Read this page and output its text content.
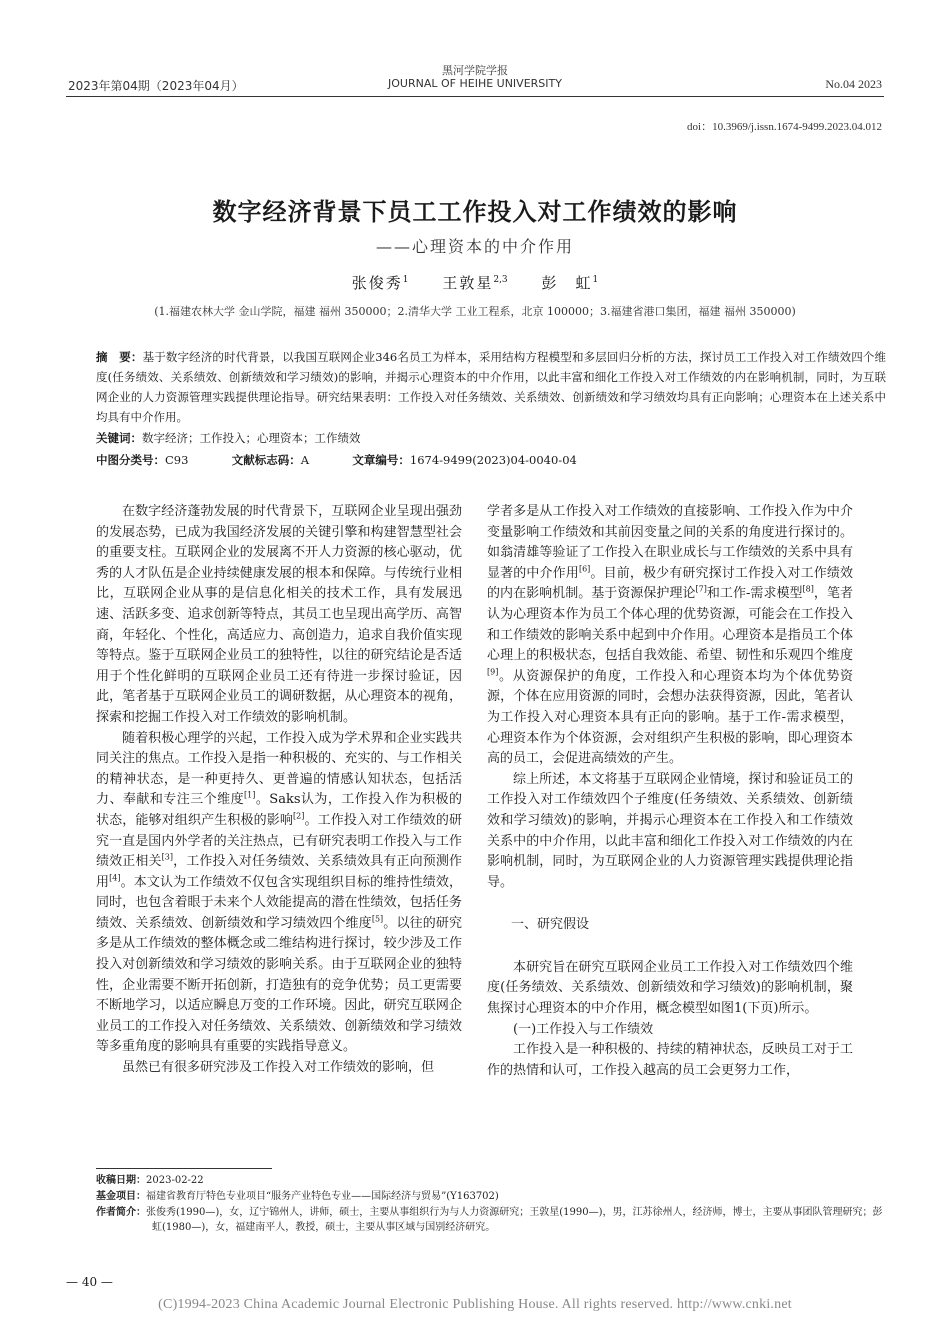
2023年第04期（2023年04月）
黑河学院学报
JOURNAL OF HEIHE UNIVERSITY	No.04 2023
doi：10.3969/j.issn.1674-9499.2023.04.012
数字经济背景下员工工作投入对工作绩效的影响
——心理资本的中介作用
张俊秀$^1$ 王敦星$^{2,3}$ 彭　虹$^1$
(1.福建农林大学 金山学院，福建 福州 350000；2.清华大学 工业工程系，北京 100000；3.福建省港口集团，福建 福州 350000)
摘　要：基于数字经济的时代背景，以我国互联网企业346名员工为样本，采用结构方程模型和多层回归分析的方法，探讨员工工作投入对工作绩效四个维度(任务绩效、关系绩效、创新绩效和学习绩效)的影响，并揭示心理资本的中介作用，以此丰富和细化工作投入对工作绩效的内在影响机制，同时，为互联网企业的人力资源管理实践提供理论指导。研究结果表明：工作投入对任务绩效、关系绩效、创新绩效和学习绩效均具有正向影响；心理资本在上述关系中均具有中介作用。
关键词：数字经济；工作投入；心理资本；工作绩效
中图分类号：C93	文献标志码：A	文章编号：1674-9499(2023)04-0040-04

在数字经济蓬勃发展的时代背景下，互联网企业呈现出强劲的发展态势，已成为我国经济发展的关键引擎和构建智慧型社会的重要支柱。互联网企业的发展离不开人力资源的核心驱动，优秀的人才队伍是企业持续健康发展的根本和保障。与传统行业相比，互联网企业从事的是信息化相关的技术工作，具有发展迅速、活跃多变、追求创新等特点，其员工也呈现出高学历、高智商，年轻化、个性化，高适应力、高创造力，追求自我价值实现等特点。鉴于互联网企业员工的独特性，以往的研究结论是否适用于个性化鲜明的互联网企业员工还有待进一步探讨验证，因此，笔者基于互联网企业员工的调研数据，从心理资本的视角，探索和挖掘工作投入对工作绩效的影响机制。

随着积极心理学的兴起，工作投入成为学术界和企业实践共同关注的焦点。工作投入是指一种积极的、充实的、与工作相关的精神状态，是一种更持久、更普遍的情感认知状态，包括活力、奉献和专注三个维度[1]。Saks认为，工作投入作为积极的状态，能够对组织产生积极的影响[2]。工作投入对工作绩效的研究一直是国内外学者的关注热点，已有研究表明工作投入与工作绩效正相关[3]，工作投入对任务绩效、关系绩效具有正向预测作用[4]。本文认为工作绩效不仅包含实现组织目标的维持性绩效，同时，也包含着眼于未来个人效能提高的潜在性绩效，包括任务绩效、关系绩效、创新绩效和学习绩效四个维度[5]。以往的研究多是从工作绩效的整体概念或二维结构进行探讨，较少涉及工作投入对创新绩效和学习绩效的影响关系。由于互联网企业的独特性，企业需要不断开拓创新，打造独有的竞争优势；员工更需要不断地学习，以适应瞬息万变的工作环境。因此，研究互联网企业员工的工作投入对任务绩效、关系绩效、创新绩效和学习绩效等多重角度的影响具有重要的实践指导意义。

虽然已有很多研究涉及工作投入对工作绩效的影响，但

学者多是从工作投入对工作绩效的直接影响、工作投入作为中介变量影响工作绩效和其前因变量之间的关系的角度进行探讨的。如翁清雄等验证了工作投入在职业成长与工作绩效的关系中具有显著的中介作用[6]。目前，极少有研究探讨工作投入对工作绩效的内在影响机制。基于资源保护理论[7]和工作-需求模型[8]，笔者认为心理资本作为员工个体心理的优势资源，可能会在工作投入和工作绩效的影响关系中起到中介作用。心理资本是指员工个体心理上的积极状态，包括自我效能、希望、韧性和乐观四个维度[9]。从资源保护的角度，工作投入和心理资本均为个体优势资源，个体在应用资源的同时，会想办法获得资源，因此，笔者认为工作投入对心理资本具有正向的影响。基于工作-需求模型，心理资本作为个体资源，会对组织产生积极的影响，即心理资本高的员工，会促进高绩效的产生。

综上所述，本文将基于互联网企业情境，探讨和验证员工的工作投入对工作绩效四个子维度(任务绩效、关系绩效、创新绩效和学习绩效)的影响，并揭示心理资本在工作投入和工作绩效关系中的中介作用，以此丰富和细化工作投入对工作绩效的内在影响机制，同时，为互联网企业的人力资源管理实践提供理论指导。

一、研究假设

本研究旨在研究互联网企业员工工作投入对工作绩效四个维度(任务绩效、关系绩效、创新绩效和学习绩效)的影响机制，聚焦探讨心理资本的中介作用，概念模型如图1(下页)所示。

(一)工作投入与工作绩效

工作投入是一种积极的、持续的精神状态，反映员工对于工作的热情和认可，工作投入越高的员工会更努力工作，

收稿日期：2023-02-22
基金项目：福建省教育厅特色专业项目“服务产业特色专业——国际经济与贸易”(Y163702)
作者简介：张俊秀(1990—)，女，辽宁锦州人，讲师，硕士，主要从事组织行为与人力资源研究；王敦星(1990—)，男，江苏徐州人，经济师，博士，主要从事团队管理研究；彭虹(1980—)，女，福建南平人，教授，硕士，主要从事区域与国别经济研究。
— 40 —
(C)1994-2023 China Academic Journal Electronic Publishing House. All rights reserved. http://www.cnki.net
